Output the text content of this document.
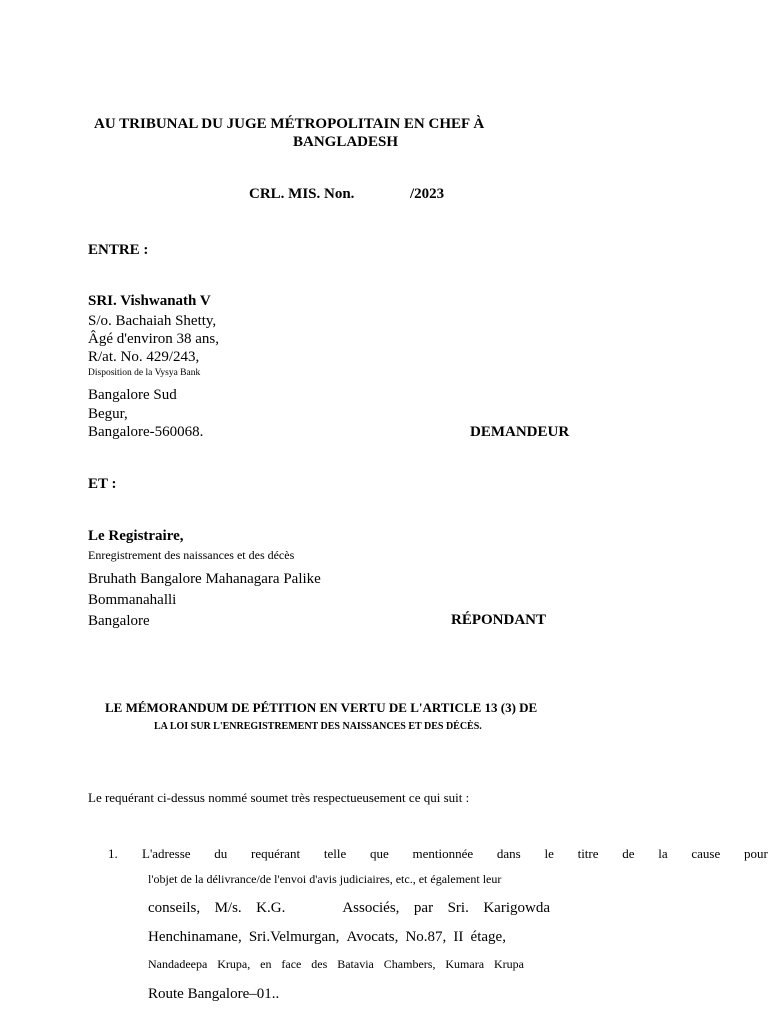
AU TRIBUNAL DU JUGE MÉTROPOLITAIN EN CHEF À
BANGLADESH
CRL. MIS. Non.	/2023
ENTRE :
SRI. Vishwanath V
S/o. Bachaiah Shetty,
Âgé d'environ 38 ans,
R/at. No. 429/243,
Disposition de la Vysya Bank
Bangalore Sud
Begur,
Bangalore-560068.	DEMANDEUR
ET :
Le Registraire,
Enregistrement des naissances et des décès
Bruhath Bangalore Mahanagara Palike
Bommanahalli
Bangalore	RÉPONDANT
LE MÉMORANDUM DE PÉTITION EN VERTU DE L'ARTICLE 13 (3) DE
LA LOI SUR L'ENREGISTREMENT DES NAISSANCES ET DES DÉCÈS.
Le requérant ci-dessus nommé soumet très respectueusement ce qui suit :
1. L'adresse du requérant telle que mentionnée dans le titre de la cause pour
l'objet de la délivrance/de l'envoi d'avis judiciaires, etc., et également leur
conseils, M/s. K.G.	Associés, par Sri. Karigowda
Henchinamane, Sri.Velmurgan, Avocats, No.87, II étage,
Nandadeepa Krupa, en face des Batavia Chambers, Kumara Krupa
Route Bangalore–01..
